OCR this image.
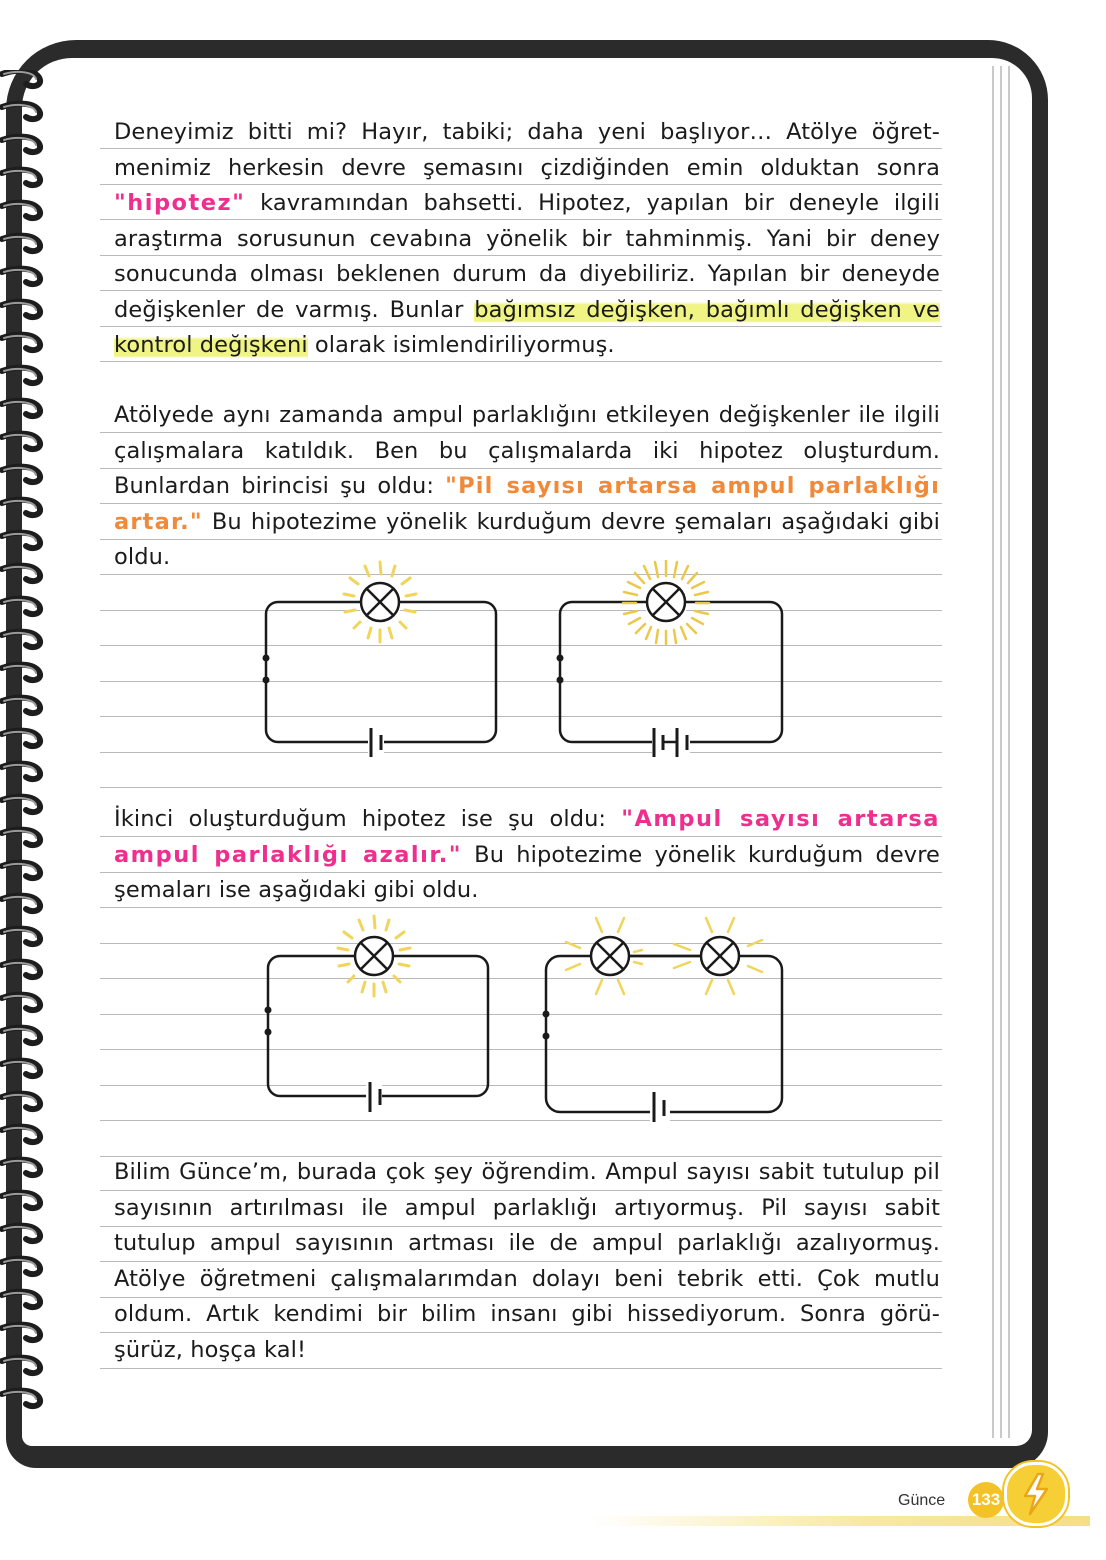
Deneyimiz bitti mi? Hayır, tabiki; daha yeni başlıyor… Atölye öğret-menimiz herkesin devre şemasını çizdiğinden emin olduktan sonra "hipotez" kavramından bahsetti. Hipotez, yapılan bir deneyle ilgili araştırma sorusunun cevabına yönelik bir tahminmiş. Yani bir deney sonucunda olması beklenen durum da diyebiliriz. Yapılan bir deneyde değişkenler de varmış. Bunlar bağımsız değişken, bağımlı değişken ve kontrol değişkeni olarak isimlendiriliyormuş.
Atölyede aynı zamanda ampul parlaklığını etkileyen değişkenler ile ilgili çalışmalara katıldık. Ben bu çalışmalarda iki hipotez oluşturdum. Bunlardan birincisi şu oldu: "Pil sayısı artarsa ampul parlaklığı artar." Bu hipotezime yönelik kurduğum devre şemaları aşağıdaki gibi oldu.
İkinci oluşturduğum hipotez ise şu oldu: "Ampul sayısı artarsa ampul parlaklığı azalır." Bu hipotezime yönelik kurduğum devre şemaları ise aşağıdaki gibi oldu.
Bilim Günce’m, burada çok şey öğrendim. Ampul sayısı sabit tutulup pil sayısının artırılması ile ampul parlaklığı artıyormuş. Pil sayısı sabit tutulup ampul sayısının artması ile de ampul parlaklığı azalıyormuş. Atölye öğretmeni çalışmalarımdan dolayı beni tebrik etti. Çok mutlu oldum. Artık kendimi bir bilim insanı gibi hissediyorum. Sonra görü-şürüz, hoşça kal!
Günce 133
